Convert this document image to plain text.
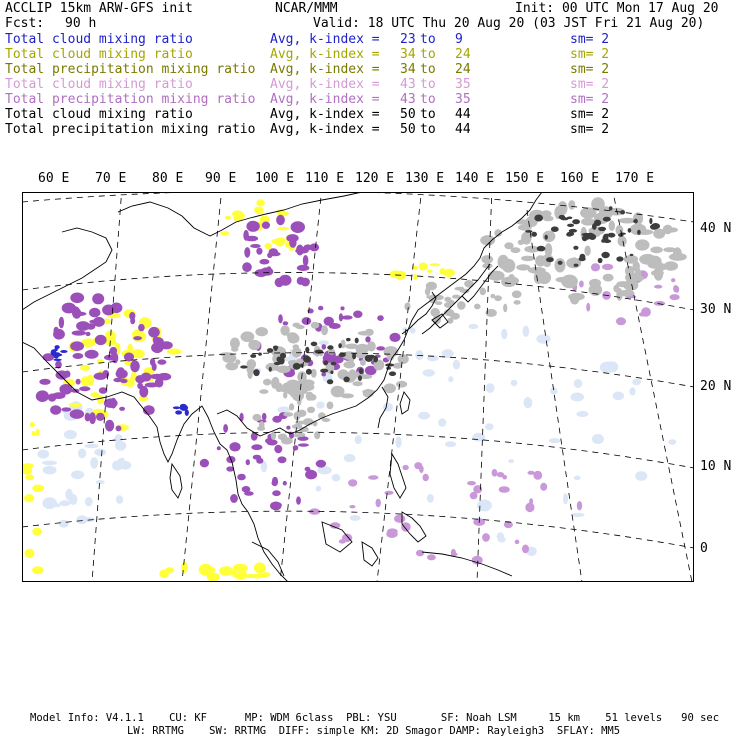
ACCLIP 15km ARW-GFS init	NCAR/MMM	Init: 00 UTC Mon 17 Aug 20
Fcst: 90 h	Valid: 18 UTC Thu 20 Aug 20 (03 JST Fri 21 Aug 20)
Total cloud mixing ratio	Avg, k-index = 23 to 9	sm= 2
Total cloud mixing ratio	Avg, k-index = 34 to 24	sm= 2
Total precipitation mixing ratio Avg, k-index = 34 to 24	sm= 2
Total cloud mixing ratio	Avg, k-index = 43 to 35	sm= 2
Total precipitation mixing ratio Avg, k-index = 43 to 35	sm= 2
Total cloud mixing ratio	Avg, k-index = 50 to 44	sm= 2
Total precipitation mixing ratio Avg, k-index = 50 to 44	sm= 2
60 E 70 E 80 E 90 E 100 E 110 E 120 E 130 E 140 E 150 E 160 E 170 E
40 N
30 N
20 N
10 N
0
Model Info: V4.1.1    CU: KF      MP: WDM 6class  PBL: YSU       SF: Noah LSM     15 km    51 levels   90 sec
LW: RRTMG    SW: RRTMG  DIFF: simple KM: 2D Smagor DAMP: Rayleigh3  SFLAY: MM5
